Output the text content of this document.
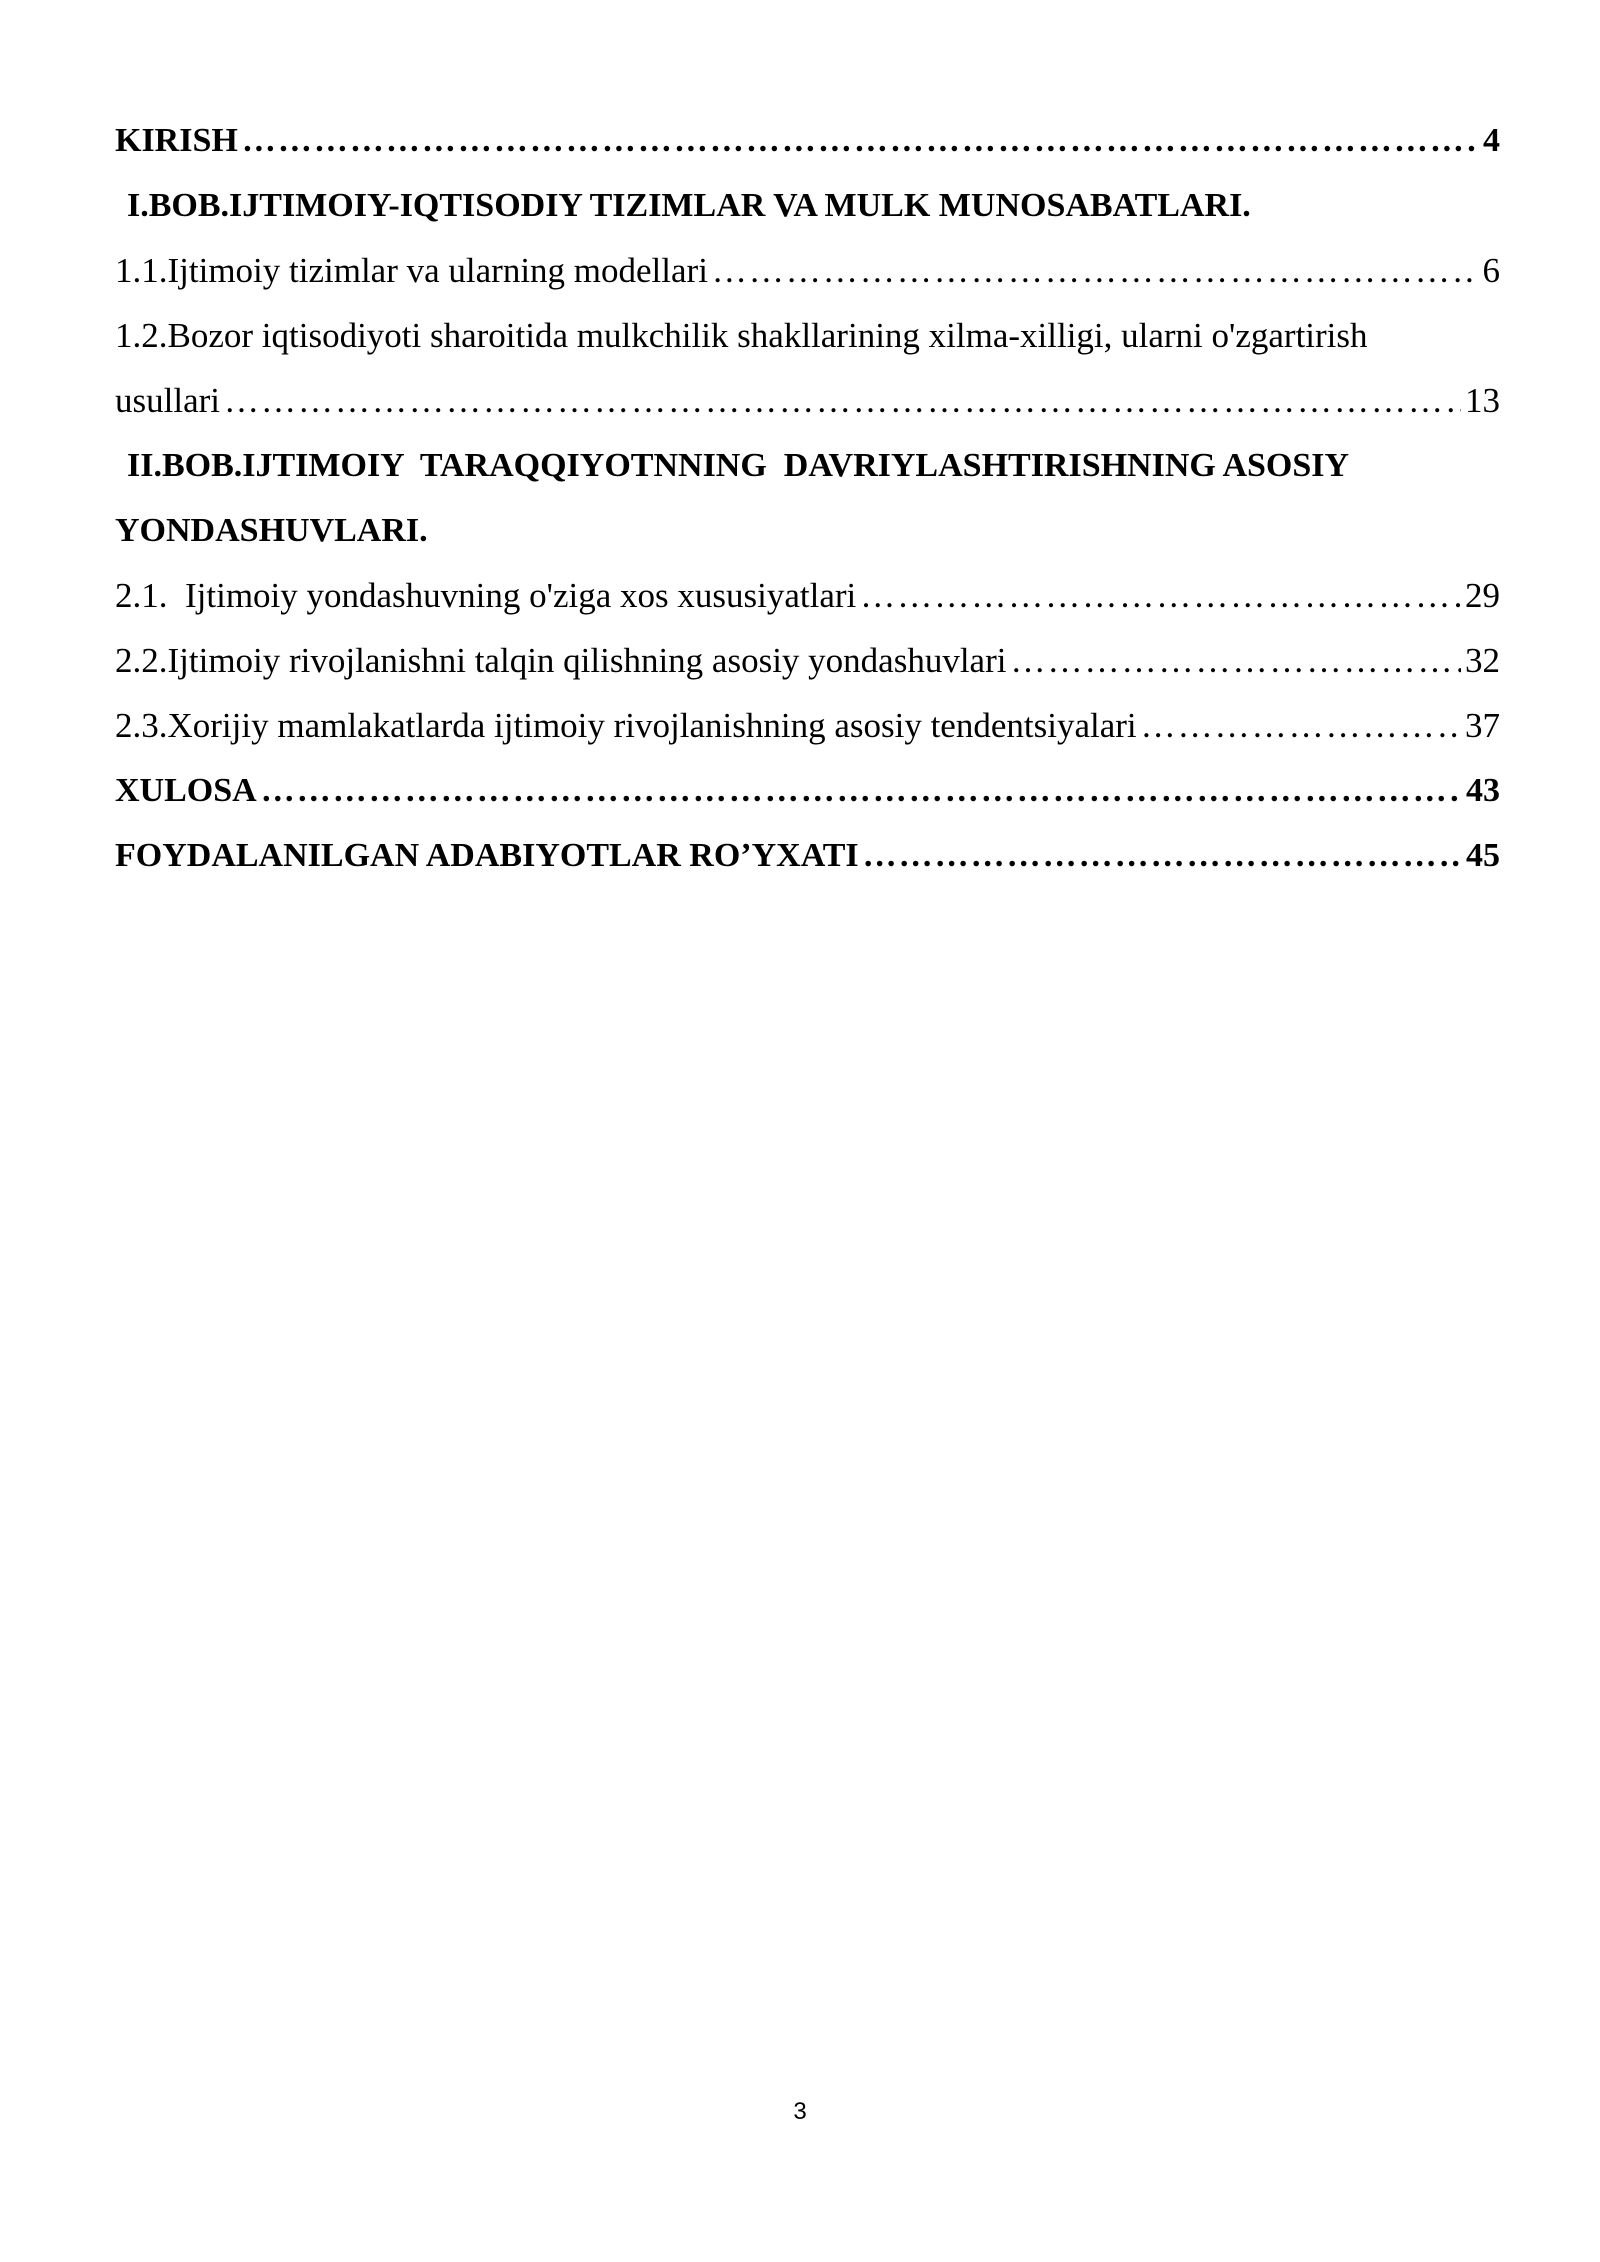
KIRISH …………………………………………………………………………………………………………………………………………………………………………………………………………	4
I.BOB.IJTIMOIY-IQTISODIY TIZIMLAR VA MULK MUNOSABATLARI.
1.1.Ijtimoiy tizimlar va ularning modellari …………………………………………………………………………………………………………………………………………………………………………………………………………	6
1.2.Bozor iqtisodiyoti sharoitida mulkchilik shakllarining xilma-xilligi, ularni o'zgartirish
usullari …………………………………………………………………………………………………………………………………………………………………………………………………………	13
II.BOB.IJTIMOIY  TARAQQIYOTNNING  DAVRIYLASHTIRISHNING ASOSIY
YONDASHUVLARI.
2.1.  Ijtimoiy yondashuvning o'ziga xos xususiyatlari …………………………………………………………………………………………………………………………………………………………………………………………………………	29
2.2.Ijtimoiy rivojlanishni talqin qilishning asosiy yondashuvlari …………………………………………………………………………………………………………………………………………………………………………………………………………	32
2.3.Xorijiy mamlakatlarda ijtimoiy rivojlanishning asosiy tendentsiyalari …………………………………………………………………………………………………………………………………………………………………………………………………………	37
XULOSA …………………………………………………………………………………………………………………………………………………………………………………………………………	43
FOYDALANILGAN ADABIYOTLAR RO’YXATI …………………………………………………………………………………………………………………………………………………………………………………………………………	45
3
